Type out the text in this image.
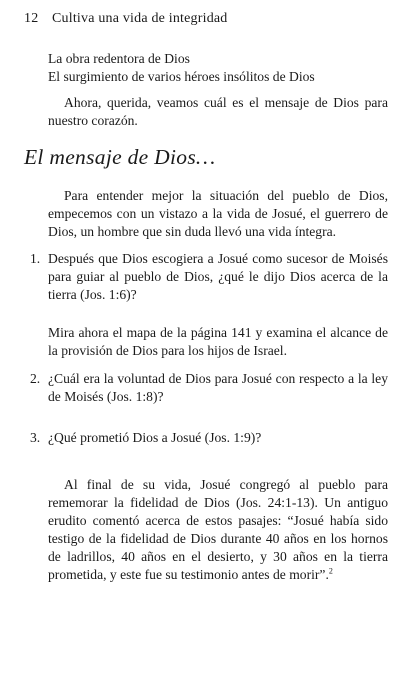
12 Cultiva una vida de integridad
La obra redentora de Dios
El surgimiento de varios héroes insólitos de Dios
Ahora, querida, veamos cuál es el mensaje de Dios para nuestro corazón.
El mensaje de Dios…
Para entender mejor la situación del pueblo de Dios, empecemos con un vistazo a la vida de Josué, el guerrero de Dios, un hombre que sin duda llevó una vida íntegra.
1. Después que Dios escogiera a Josué como sucesor de Moisés para guiar al pueblo de Dios, ¿qué le dijo Dios acerca de la tierra (Jos. 1:6)?
Mira ahora el mapa de la página 141 y examina el alcance de la provisión de Dios para los hijos de Israel.
2. ¿Cuál era la voluntad de Dios para Josué con respecto a la ley de Moisés (Jos. 1:8)?
3. ¿Qué prometió Dios a Josué (Jos. 1:9)?
Al final de su vida, Josué congregó al pueblo para rememorar la fidelidad de Dios (Jos. 24:1-13). Un antiguo erudito comentó acerca de estos pasajes: “Josué había sido testigo de la fidelidad de Dios durante 40 años en los hornos de ladrillos, 40 años en el desierto, y 30 años en la tierra prometida, y este fue su testimonio antes de morir”.$^2$
